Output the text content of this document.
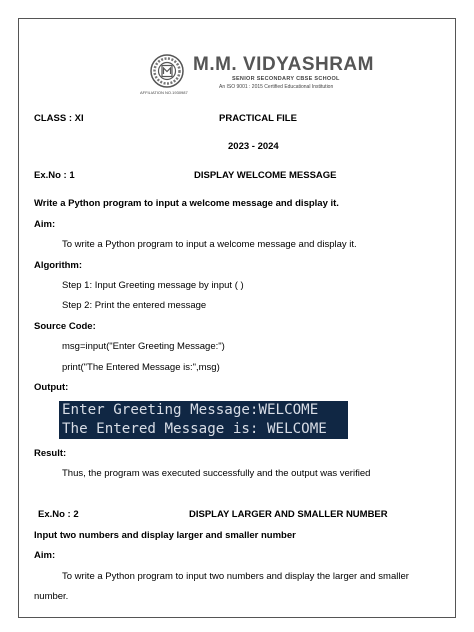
M.M. VIDYASHRAM
SENIOR SECONDARY CBSE SCHOOL
An ISO 9001 : 2015 Certified Educational Institution
AFFILIATION NO.1930987
CLASS : XI	PRACTICAL FILE
2023 - 2024
Ex.No : 1	DISPLAY WELCOME MESSAGE
Write a Python program to input a welcome message and display it.
Aim:
To write a Python program to input a welcome message and display it.
Algorithm:
Step 1: Input Greeting message by input ( )
Step 2: Print the entered message
Source Code:
msg=input("Enter Greeting Message:")
print("The Entered Message is:",msg)
Output:
Enter Greeting Message:WELCOME
The Entered Message is: WELCOME
Result:
Thus, the program was executed successfully and the output was verified
Ex.No : 2	DISPLAY LARGER AND SMALLER NUMBER
Input two numbers and display larger and smaller number
Aim:
To write a Python program to input two numbers and display the larger and smaller
number.
